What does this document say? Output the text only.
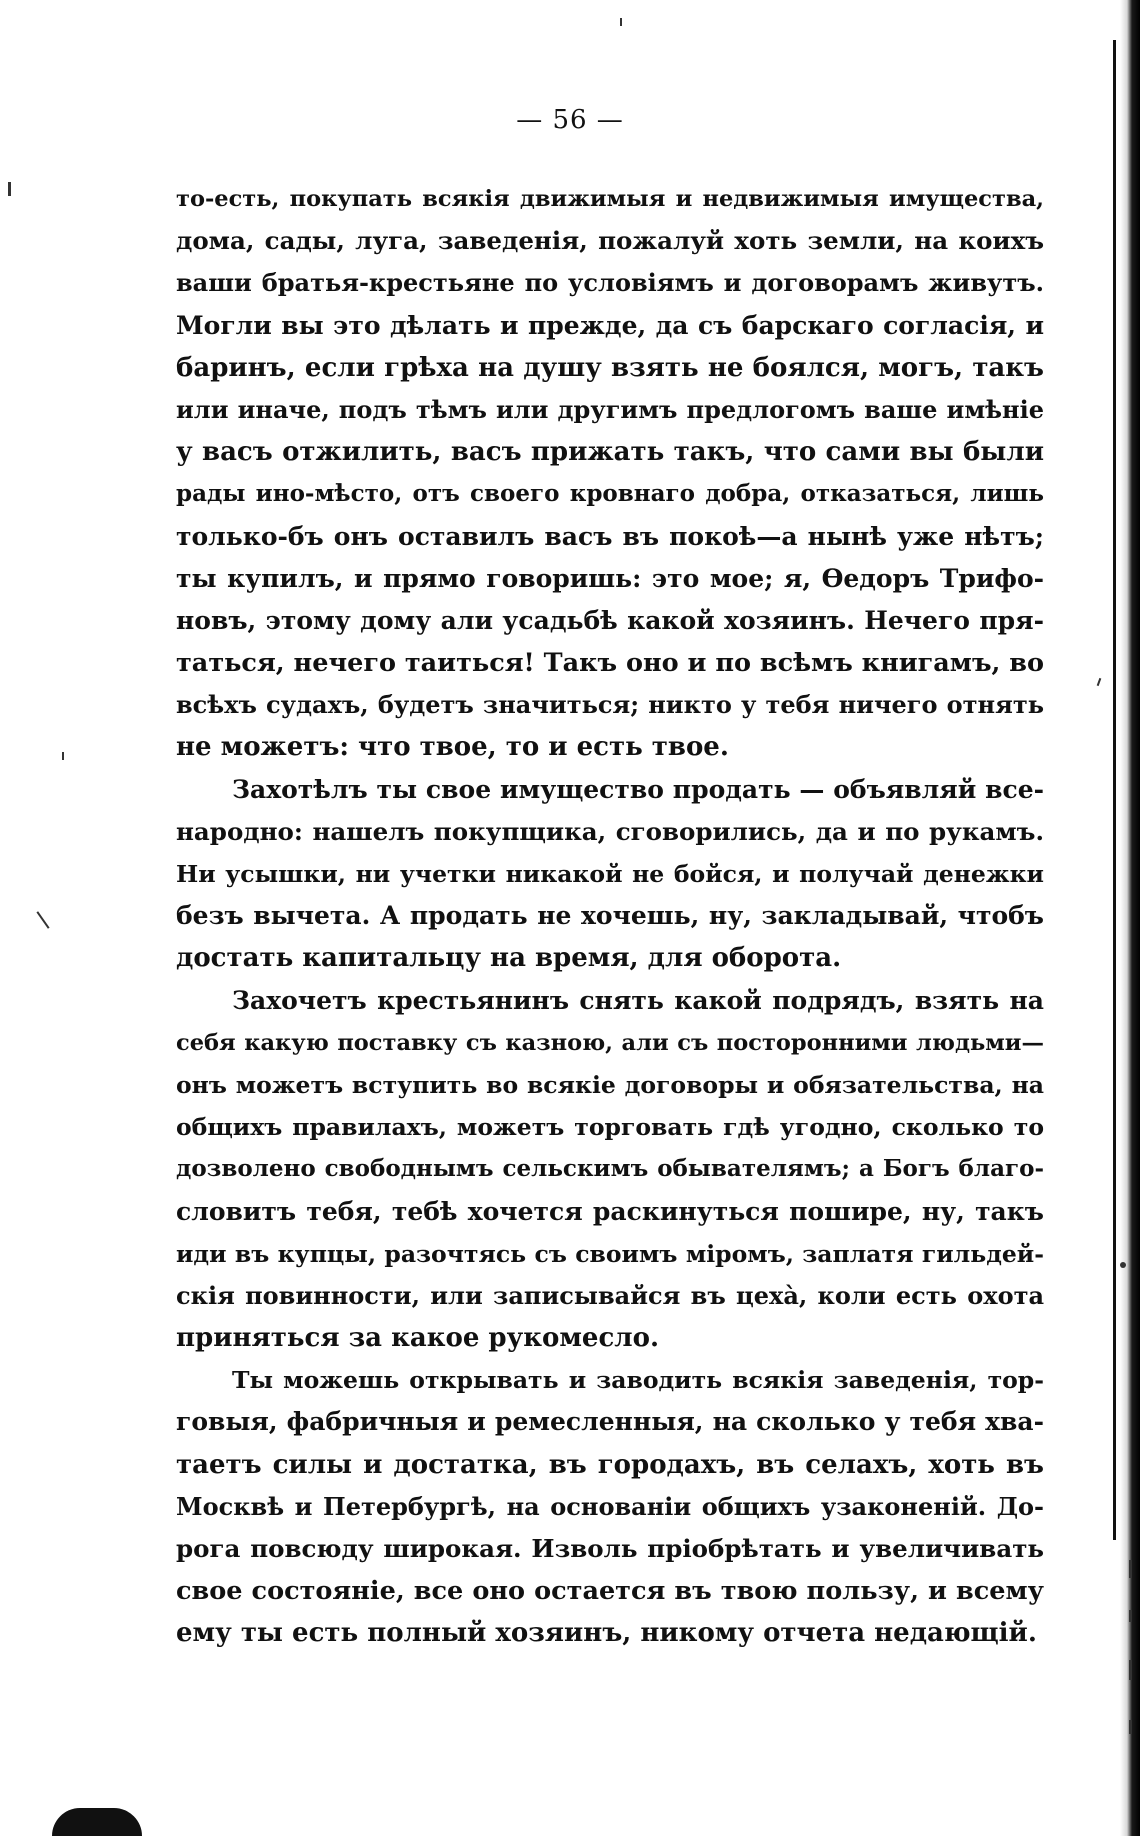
— 56 —
то-есть, покупать всякія движимыя и недвижимыя имущества,
дома, сады, луга, заведенія, пожалуй хоть земли, на коихъ
ваши братья-крестьяне по условіямъ и договорамъ живутъ.
Могли вы это дѣлать и прежде, да съ барскаго согласія, и
баринъ, если грѣха на душу взять не боялся, могъ, такъ
или иначе, подъ тѣмъ или другимъ предлогомъ ваше имѣніе
у васъ отжилить, васъ прижать такъ, что сами вы были
рады ино-мѣсто, отъ своего кровнаго добра, отказаться, лишь
только-бъ онъ оставилъ васъ въ покоѣ—а нынѣ уже нѣтъ;
ты купилъ, и прямо говоришь: это мое; я, Ѳедоръ Трифо-
новъ, этому дому али усадьбѣ какой хозяинъ. Нечего пря-
таться, нечего таиться! Такъ оно и по всѣмъ книгамъ, во
всѣхъ судахъ, будетъ значиться; никто у тебя ничего отнять
не можетъ: что твое, то и есть твое.
Захотѣлъ ты свое имущество продать — объявляй все-
народно: нашелъ покупщика, сговорились, да и по рукамъ.
Ни усышки, ни учетки никакой не бойся, и получай денежки
безъ вычета. А продать не хочешь, ну, закладывай, чтобъ
достать капитальцу на время, для оборота.
Захочетъ крестьянинъ снять какой подрядъ, взять на
себя какую поставку съ казною, али съ посторонними людьми—
онъ можетъ вступить во всякіе договоры и обязательства, на
общихъ правилахъ, можетъ торговать гдѣ угодно, сколько то
дозволено свободнымъ сельскимъ обывателямъ; а Богъ благо-
словитъ тебя, тебѣ хочется раскинуться пошире, ну, такъ
иди въ купцы, разочтясь съ своимъ міромъ, заплатя гильдей-
скія повинности, или записывайся въ цехà, коли есть охота
приняться за какое рукомесло.
Ты можешь открывать и заводить всякія заведенія, тор-
говыя, фабричныя и ремесленныя, на сколько у тебя хва-
таетъ силы и достатка, въ городахъ, въ селахъ, хоть въ
Москвѣ и Петербургѣ, на основаніи общихъ узаконеній. До-
рога повсюду широкая. Изволь пріобрѣтать и увеличивать
свое состояніе, все оно остается въ твою пользу, и всему
ему ты есть полный хозяинъ, никому отчета недающій.
